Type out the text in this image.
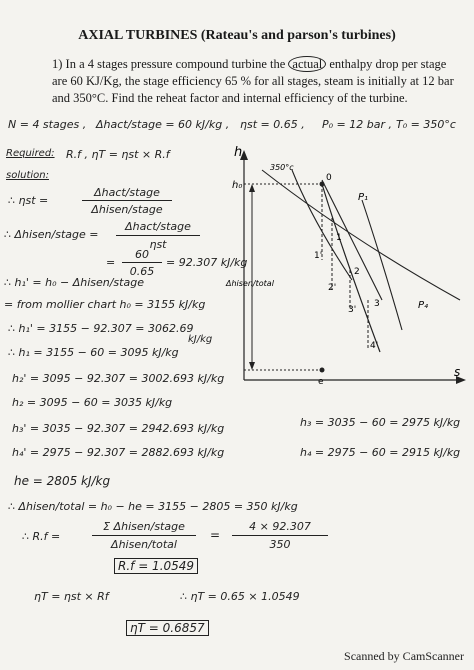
AXIAL TURBINES (Rateau's and parson's turbines)
1) In a 4 stages pressure compound turbine the actual enthalpy drop per stage
are 60 KJ/Kg, the stage efficiency 65 % for all stages, steam is initially at 12 bar
and 350°C. Find the reheat factor and internal efficiency of the turbine.
N = 4 stages , Δhact/stage = 60 kJ/kg , ηst = 0.65 , P₀ = 12 bar , T₀ = 350°c
Required: R.f , ηT = ηst × R.f
solution:
∴ ηst =
Δhact/stage
Δhisen/stage
∴ Δhisen/stage =
Δhact/stage
ηst
=
60
0.65
= 92.307 kJ/kg
∴ h₁' = h₀ − Δhisen/stage
= from mollier chart h₀ = 3155 kJ/kg
∴ h₁' = 3155 − 92.307 = 3062.69
kJ/kg
∴ h₁ = 3155 − 60 = 3095 kJ/kg
h₂' = 3095 − 92.307 = 3002.693 kJ/kg
h₂ = 3095 − 60 = 3035 kJ/kg
h₃' = 3035 − 92.307 = 2942.693 kJ/kg	h₃ = 3035 − 60 = 2975 kJ/kg
h₄' = 2975 − 92.307 = 2882.693 kJ/kg	h₄ = 2975 − 60 = 2915 kJ/kg
he = 2805 kJ/kg
∴ Δhisen/total = h₀ − he = 3155 − 2805 = 350 kJ/kg
∴ R.f =
Σ Δhisen/stage
Δhisen/total
=
4 × 92.307
350
R.f = 1.0549
ηT = ηst × Rf	∴ ηT = 0.65 × 1.0549
ηT = 0.6857
h
s
h₀
Δhisen/total
350°c
P₁
P₄
0
1'
1
2'
2
3'
3
4'
e
Scanned by CamScanner
